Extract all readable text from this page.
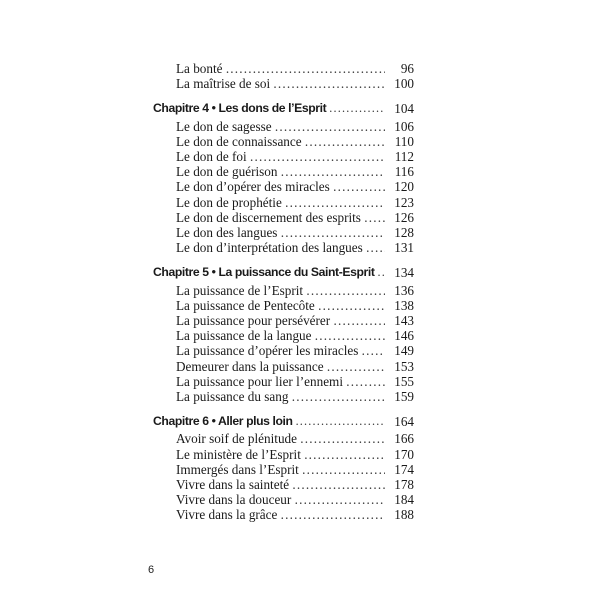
La bonté .....	96
La maîtrise de soi .....	100
Chapitre 4 • Les dons de l’Esprit .....	104
Le don de sagesse .....	106
Le don de connaissance .....	110
Le don de foi .....	112
Le don de guérison .....	116
Le don d’opérer des miracles .....	120
Le don de prophétie .....	123
Le don de discernement des esprits .....	126
Le don des langues .....	128
Le don d’interprétation des langues .....	131
Chapitre 5 • La puissance du Saint-Esprit .....	134
La puissance de l’Esprit .....	136
La puissance de Pentecôte .....	138
La puissance pour persévérer .....	143
La puissance de la langue .....	146
La puissance d’opérer les miracles .....	149
Demeurer dans la puissance .....	153
La puissance pour lier l’ennemi .....	155
La puissance du sang .....	159
Chapitre 6 • Aller plus loin .....	164
Avoir soif de plénitude .....	166
Le ministère de l’Esprit .....	170
Immergés dans l’Esprit .....	174
Vivre dans la sainteté .....	178
Vivre dans la douceur .....	184
Vivre dans la grâce .....	188
6
